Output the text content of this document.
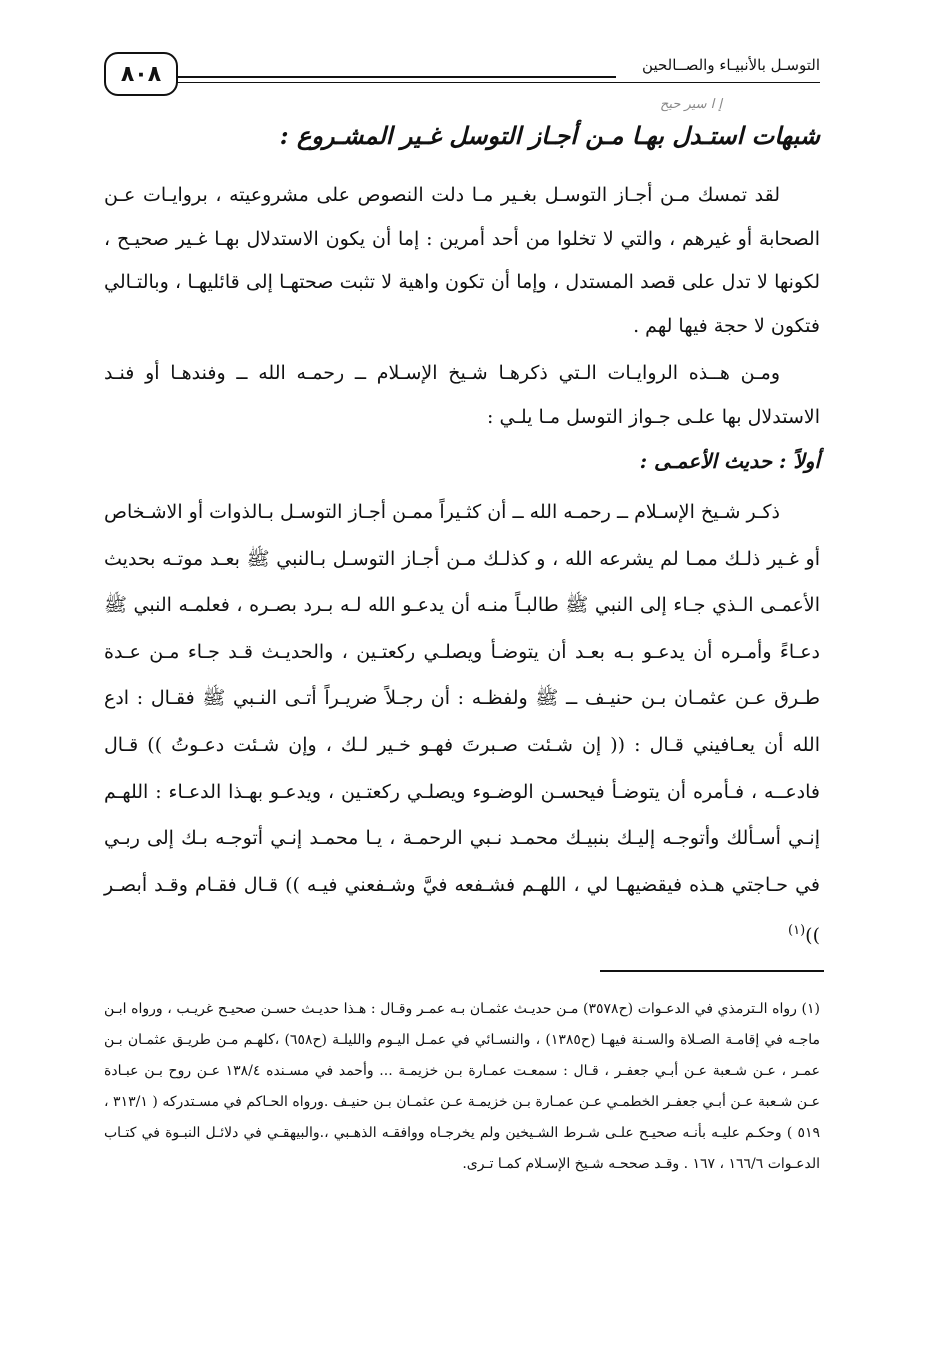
٨٠٨	التوسـل بالأنبيـاء والصــالحين
إ ا سير حيح
شبهات استـدل بهـا مـن أجـاز التوسل غـير المشـروع :

لقد تمسك مـن أجـاز التوسـل بغـير مـا دلت النصوص على مشروعيته ، بروايـات عـن الصحابة أو غيرهم ، والتي لا تخلوا من أحد أمرين : إما أن يكون الاستدلال بهـا غـير صحيـح ، لكونها لا تدل على قصد المستدل ، وإما أن تكون واهية لا تثبت صحتهـا إلى قائليهـا ، وبالتـالي فتكون لا حجة فيها لهم .

ومـن هــذه الروايـات الـتي ذكرهـا شـيخ الإسـلام ــ رحمـه الله ــ وفندهـا أو فنـد الاستدلال بها علـى جـواز التوسل مـا يلـي :

أولاً : حديث الأعمـى :

ذكـر شـيخ الإسـلام ــ رحمـه الله ــ أن كثـيراً ممـن أجـاز التوسـل بـالذوات أو الاشـخاص أو غـير ذلـك ممـا لم يشرعه الله ، و كذلـك مـن أجـاز التوسـل بـالنبي ﷺ بعـد موتـه بحديث الأعمـى الـذي جـاء إلى النبي ﷺ طالبـاً منـه أن يدعـو الله لـه بـرد بصـره ، فعلمـه النبي ﷺ دعـاءً وأمـره أن يدعـو بـه بعـد أن يتوضـأ ويصلـي ركعتـين ، والحديـث قـد جـاء مـن عـدة طـرق عـن عثمـان بـن حنيـف ــ ﷺ ولفظـه : أن رجـلاً ضريـراً أتـى النـبي ﷺ فقـال : ادع الله أن يعـافيني قـال : (( إن شـئت صـبرتَ فهـو خـير لـك ، وإن شـئت دعـوتُ )) قـال فادعــه ، فـأمره أن يتوضـأ فيحسـن الوضـوء ويصلـي ركعتـين ، ويدعـو بهـذا الدعـاء : اللهـم إنـي أسـألك وأتوجـه إليـك بنبيـك محمـد نـبي الرحمـة ، يـا محمـد إنـي أتوجـه بـك إلى ربـي في حـاجتي هـذه فيقضيهـا لي ، اللهـم فشـفعه فيَّ وشـفعني فيـه )) قـال فقـام وقـد أبصـر ))$^{(١)}$

(١) رواه الـترمذي في الدعـوات (ح٣٥٧٨) مـن حديـث عثمـان بـه عمـر وقـال : هـذا حديـث حسـن صحيـح غريـب ، ورواه ابـن ماجـه في إقامـة الصـلاة والسـنة فيهـا (ح١٣٨٥) ، والنسـائي في عمـل اليـوم والليلـة (ح٦٥٨) ،كلهـم مـن طريـق عثمـان بـن عمـر ، عـن شـعبة عـن أبـي جعفـر ، قـال : سمعـت عمـارة بـن خزيمـة ... وأحمد في مسـنده ١٣٨/٤ عـن روح بـن عبـادة عـن شـعبة عـن أبـي جعفـر الخطمـي عـن عمـارة بـن خزيمـة عـن عثمـان بـن حنيـف .ورواه الحـاكم في مسـتدركه ( ٣١٣/١ ، ٥١٩ ) وحكـم عليـه بأنـه صحيـح علـى شـرط الشـيخين ولم يخرجـاه ووافقـه الذهـبي ،.والبيهقـي في دلائـل النبـوة في كتـاب الدعـوات ١٦٦/٦ ، ١٦٧ . وقـد صححـه شـيخ الإسـلام كمـا تـرى.
